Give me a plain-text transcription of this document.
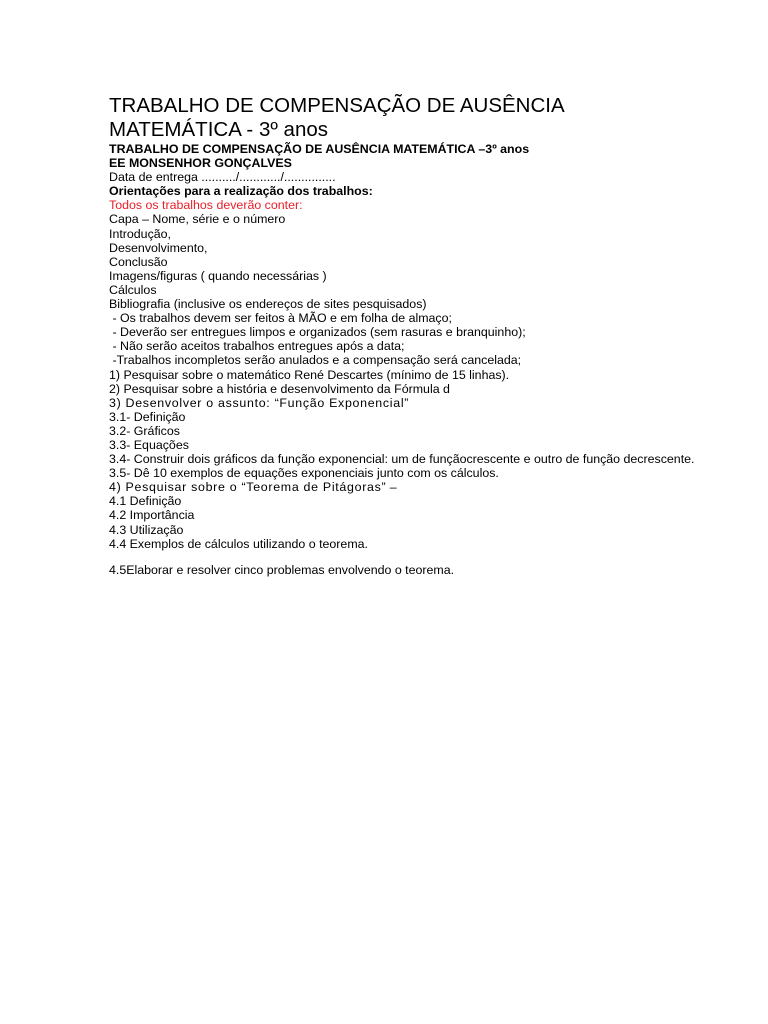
TRABALHO DE COMPENSAÇÃO DE AUSÊNCIA
MATEMÁTICA - 3º anos
TRABALHO DE COMPENSAÇÃO DE AUSÊNCIA MATEMÁTICA –3º anos
EE MONSENHOR GONÇALVES
Data de entrega ........../............/...............
Orientações para a realização dos trabalhos:
Todos os trabalhos deverão conter:
Capa – Nome, série e o número
Introdução,
Desenvolvimento,
Conclusão
Imagens/figuras ( quando necessárias )
Cálculos
Bibliografia (inclusive os endereços de sites pesquisados)
- Os trabalhos devem ser feitos à MÃO e em folha de almaço;
- Deverão ser entregues limpos e organizados (sem rasuras e branquinho);
- Não serão aceitos trabalhos entregues após a data;
-Trabalhos incompletos serão anulados e a compensação será cancelada;
1) Pesquisar sobre o matemático René Descartes (mínimo de 15 linhas).
2) Pesquisar sobre a história e desenvolvimento da Fórmula d
3) Desenvolver o assunto: “Função Exponencial”
3.1- Definição
3.2- Gráficos
3.3- Equações
3.4- Construir dois gráficos da função exponencial: um de funçãocrescente e outro de função decrescente.
3.5- Dê 10 exemplos de equações exponenciais junto com os cálculos.
4) Pesquisar sobre o “Teorema de Pitágoras” –
4.1 Definição
4.2 Importância
4.3 Utilização
4.4 Exemplos de cálculos utilizando o teorema.
4.5Elaborar e resolver cinco problemas envolvendo o teorema.
